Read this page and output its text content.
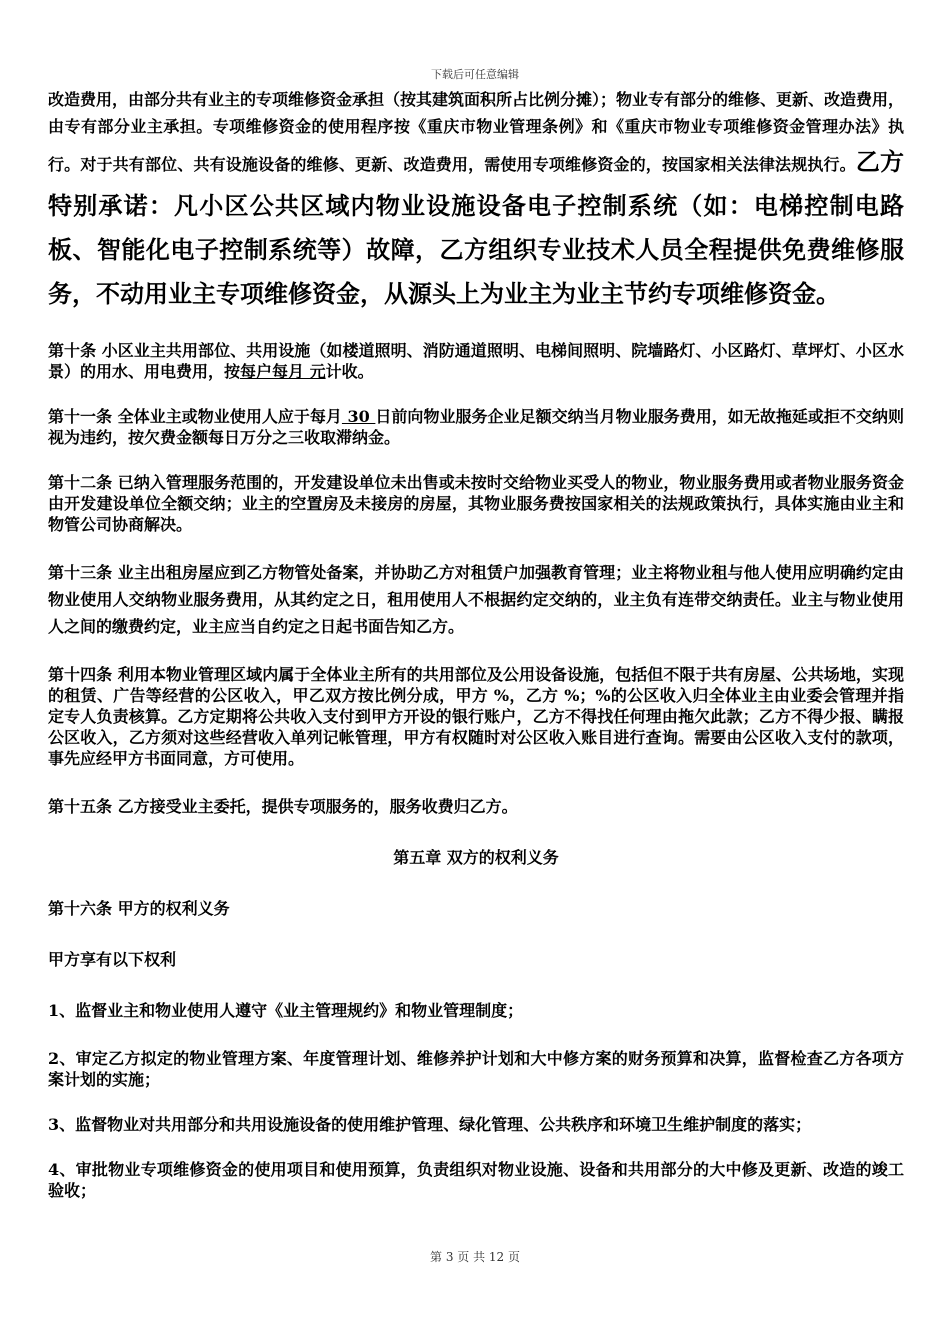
下载后可任意编辑
改造费用，由部分共有业主的专项维修资金承担（按其建筑面积所占比例分摊）；物业专有部分的维修、更新、改造费用，由专有部分业主承担。专项维修资金的使用程序按《重庆市物业管理条例》和《重庆市物业专项维修资金管理办法》执行。对于共有部位、共有设施设备的维修、更新、改造费用，需使用专项维修资金的，按国家相关法律法规执行。乙方特别承诺：凡小区公共区域内物业设施设备电子控制系统（如：电梯控制电路板、智能化电子控制系统等）故障，乙方组织专业技术人员全程提供免费维修服务，不动用业主专项维修资金，从源头上为业主为业主节约专项维修资金。
第十条 小区业主共用部位、共用设施（如楼道照明、消防通道照明、电梯间照明、院墙路灯、小区路灯、草坪灯、小区水景）的用水、用电费用，按每户每月 元计收。
第十一条 全体业主或物业使用人应于每月 30 日前向物业服务企业足额交纳当月物业服务费用，如无故拖延或拒不交纳则视为违约，按欠费金额每日万分之三收取滞纳金。
第十二条 已纳入管理服务范围的，开发建设单位未出售或未按时交给物业买受人的物业，物业服务费用或者物业服务资金由开发建设单位全额交纳；业主的空置房及未接房的房屋，其物业服务费按国家相关的法规政策执行，具体实施由业主和物管公司协商解决。
第十三条 业主出租房屋应到乙方物管处备案，并协助乙方对租赁户加强教育管理；业主将物业租与他人使用应明确约定由物业使用人交纳物业服务费用，从其约定之日，租用使用人不根据约定交纳的，业主负有连带交纳责任。业主与物业使用人之间的缴费约定，业主应当自约定之日起书面告知乙方。
第十四条 利用本物业管理区域内属于全体业主所有的共用部位及公用设备设施，包括但不限于共有房屋、公共场地，实现的租赁、广告等经营的公区收入，甲乙双方按比例分成，甲方 %，乙方 %；%的公区收入归全体业主由业委会管理并指定专人负责核算。乙方定期将公共收入支付到甲方开设的银行账户，乙方不得找任何理由拖欠此款；乙方不得少报、瞒报公区收入，乙方须对这些经营收入单列记帐管理，甲方有权随时对公区收入账目进行查询。需要由公区收入支付的款项，事先应经甲方书面同意，方可使用。
第十五条 乙方接受业主委托，提供专项服务的，服务收费归乙方。
第五章 双方的权利义务
第十六条 甲方的权利义务
甲方享有以下权利
1、监督业主和物业使用人遵守《业主管理规约》和物业管理制度；
2、审定乙方拟定的物业管理方案、年度管理计划、维修养护计划和大中修方案的财务预算和决算，监督检查乙方各项方案计划的实施；
3、监督物业对共用部分和共用设施设备的使用维护管理、绿化管理、公共秩序和环境卫生维护制度的落实；
4、审批物业专项维修资金的使用项目和使用预算，负责组织对物业设施、设备和共用部分的大中修及更新、改造的竣工验收；
第 3 页 共 12 页
